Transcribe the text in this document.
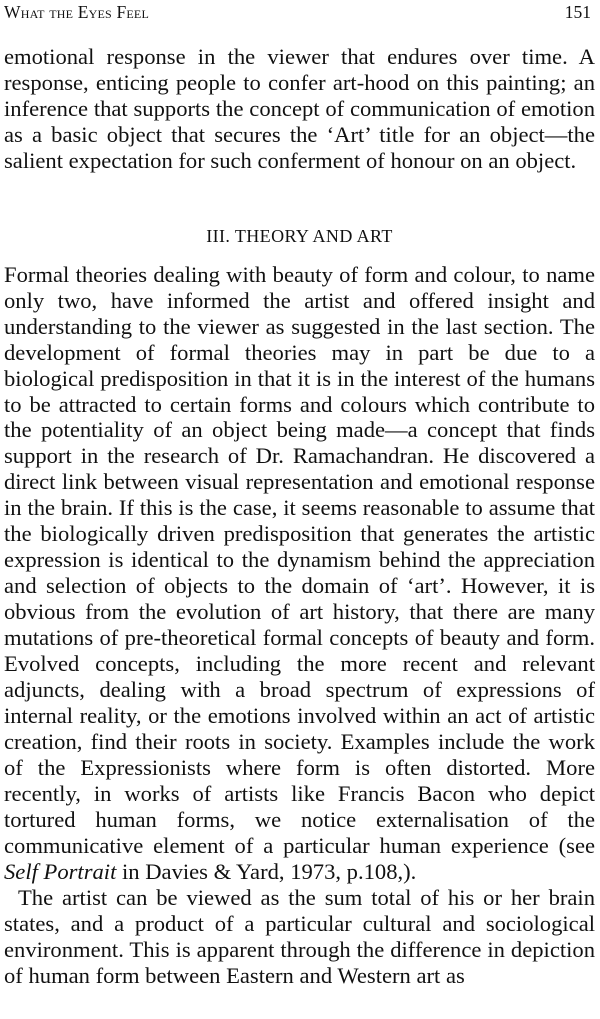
What the Eyes Feel	151

emotional response in the viewer that endures over time. A response, enticing people to confer art-hood on this painting; an inference that supports the concept of communication of emotion as a basic object that secures the ‘Art’ title for an object—the salient expectation for such conferment of honour on an object.

III. THEORY AND ART

Formal theories dealing with beauty of form and colour, to name only two, have informed the artist and offered insight and understanding to the viewer as suggested in the last section. The development of formal theories may in part be due to a biological predisposition in that it is in the interest of the humans to be attracted to certain forms and colours which contribute to the potentiality of an object being made—a concept that finds support in the research of Dr. Ramachandran. He discovered a direct link between visual representation and emotional response in the brain. If this is the case, it seems reasonable to assume that the biologically driven predisposition that generates the artistic expression is identical to the dynamism behind the appreciation and selection of objects to the domain of ‘art’. However, it is obvious from the evolution of art history, that there are many mutations of pre-theoretical formal concepts of beauty and form. Evolved concepts, including the more recent and relevant adjuncts, dealing with a broad spectrum of expressions of internal reality, or the emotions involved within an act of artistic creation, find their roots in society. Examples include the work of the Expressionists where form is often distorted. More recently, in works of artists like Francis Bacon who depict tortured human forms, we notice externalisation of the communicative element of a particular human experience (see Self Portrait in Davies & Yard, 1973, p.108,).

The artist can be viewed as the sum total of his or her brain states, and a product of a particular cultural and sociological environment. This is apparent through the difference in depiction of human form between Eastern and Western art as
